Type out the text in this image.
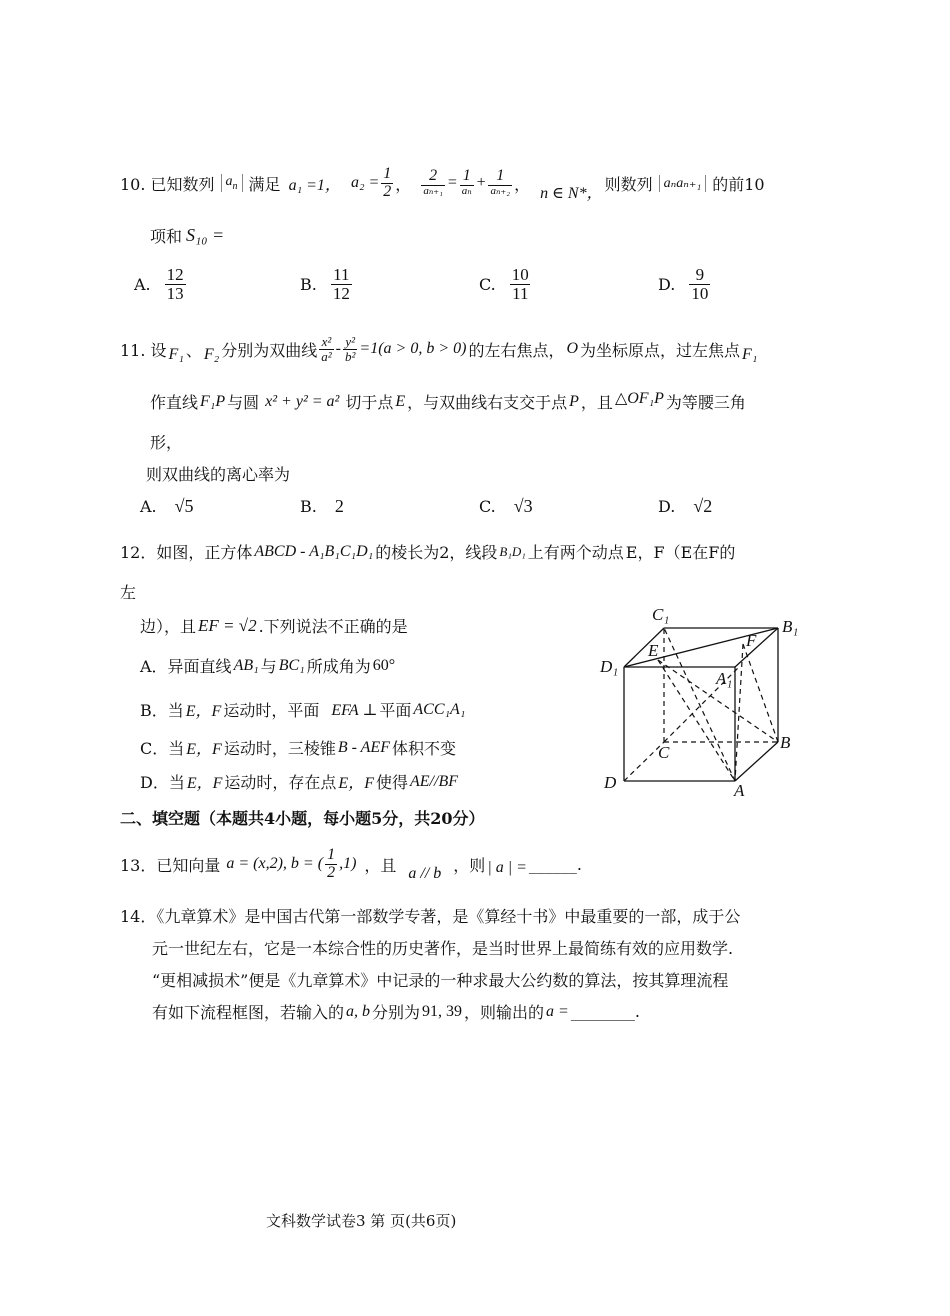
10. 已知数列 $a_n$ 满足 a₁ =1， $a_2 = \frac{1}{2}$ ， $\frac{2}{\text{aₙ₊₁}} = \frac{1}{\text{aₙ}} + \frac{1}{\text{aₙ₊₂}}$ ， n ∈ N*， 则数列 aₙaₙ₊₁ 的前10
项和 S₁₀ =
A. $\frac{12}{13}$	B. $\frac{11}{12}$	C. $\frac{10}{11}$	D. $\frac{9}{10}$
11. 设 F₁ 、 F₂ 分别为双曲线 $\frac{\text{x²}}{\text{a²}} - \frac{\text{y²}}{\text{b²}} =1(a > 0$, b > 0) 的左右焦点， O 为坐标原点，过左焦点 F₁
作直线 F₁P 与圆 x² + y² = a² 切于点 E ，与双曲线右支交于点 P ，且 △OF₁P 为等腰三角
形，
则双曲线的离心率为
A. √5	B. 2	C. √3	D. √2
12．如图，正方体 ABCD - A₁B₁C₁D₁ 的棱长为2，线段 B₁D₁ 上有两个动点 E，F（E在F的
左
边），且 EF = √2 .下列说法不正确的是
A．异面直线 AB₁ 与 BC₁ 所成角为 60°
B．当 E，F 运动时，平面 EFA ⊥ 平面 ACC₁A₁
C．当 E，F 运动时，三棱锥 B - AEF 体积不变
D．当 E，F 运动时，存在点 E，F 使得 AE//BF
C₁
B₁
D₁
E
F
A₁
C
B
D	A
二、填空题（本题共4小题，每小题5分，共20分）
13．已知向量 a = (x,2), b = ( $\frac{1}{2} ,1$) ，且 a // b ，则 | a | = ______.
14．《九章算术》是中国古代第一部数学专著，是《算经十书》中最重要的一部，成于公
元一世纪左右，它是一本综合性的历史著作，是当时世界上最简练有效的应用数学.
“更相减损术”便是《九章算术》中记录的一种求最大公约数的算法，按其算理流程
有如下流程框图，若输入的 a, b 分别为 91, 39 ，则输出的 a = ________.
文科数学试卷3 第 页(共6页)
